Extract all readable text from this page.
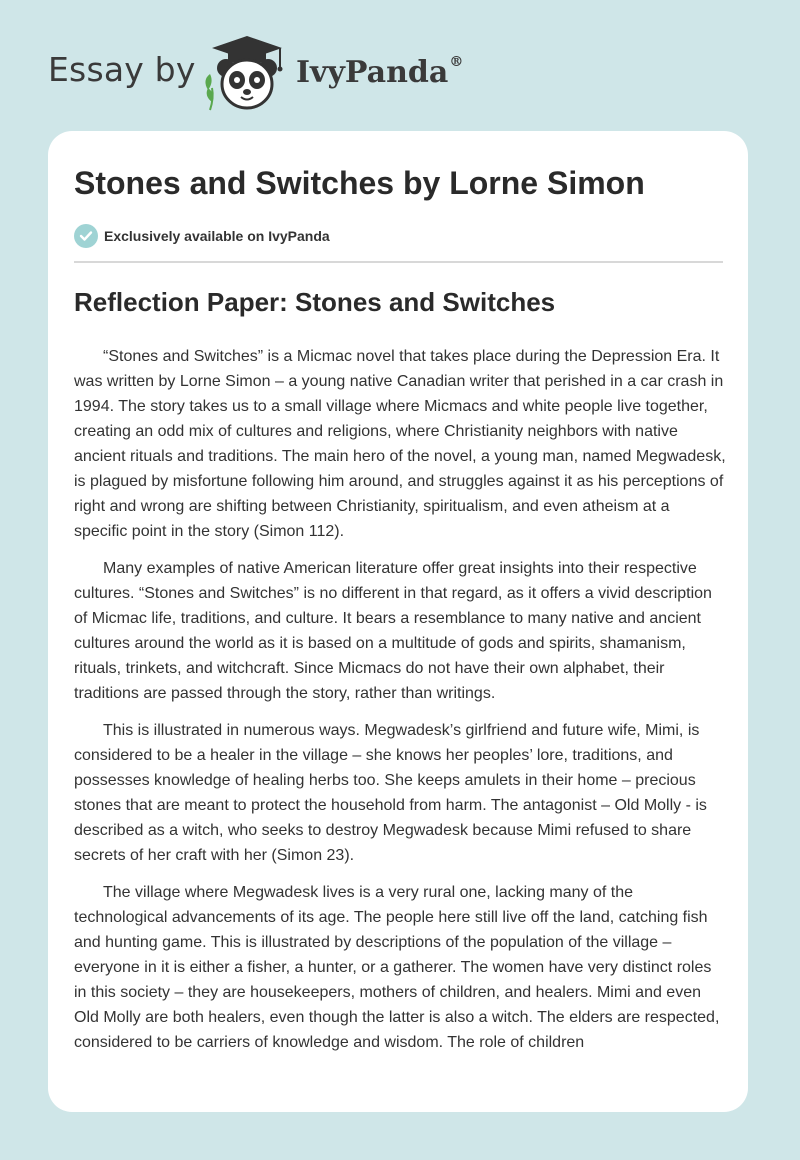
Essay by	IvyPanda®
Stones and Switches by Lorne Simon
Exclusively available on IvyPanda
Reflection Paper: Stones and Switches

“Stones and Switches” is a Micmac novel that takes place during the Depression Era. It was written by Lorne Simon – a young native Canadian writer that perished in a car crash in 1994. The story takes us to a small village where Micmacs and white people live together, creating an odd mix of cultures and religions, where Christianity neighbors with native ancient rituals and traditions. The main hero of the novel, a young man, named Megwadesk, is plagued by misfortune following him around, and struggles against it as his perceptions of right and wrong are shifting between Christianity, spiritualism, and even atheism at a specific point in the story (Simon 112).

Many examples of native American literature offer great insights into their respective cultures. “Stones and Switches” is no different in that regard, as it offers a vivid description of Micmac life, traditions, and culture. It bears a resemblance to many native and ancient cultures around the world as it is based on a multitude of gods and spirits, shamanism, rituals, trinkets, and witchcraft. Since Micmacs do not have their own alphabet, their traditions are passed through the story, rather than writings.

This is illustrated in numerous ways. Megwadesk’s girlfriend and future wife, Mimi, is considered to be a healer in the village – she knows her peoples’ lore, traditions, and possesses knowledge of healing herbs too. She keeps amulets in their home – precious stones that are meant to protect the household from harm. The antagonist – Old Molly - is described as a witch, who seeks to destroy Megwadesk because Mimi refused to share secrets of her craft with her (Simon 23).

The village where Megwadesk lives is a very rural one, lacking many of the technological advancements of its age. The people here still live off the land, catching fish and hunting game. This is illustrated by descriptions of the population of the village – everyone in it is either a fisher, a hunter, or a gatherer. The women have very distinct roles in this society – they are housekeepers, mothers of children, and healers. Mimi and even Old Molly are both healers, even though the latter is also a witch. The elders are respected, considered to be carriers of knowledge and wisdom. The role of children
